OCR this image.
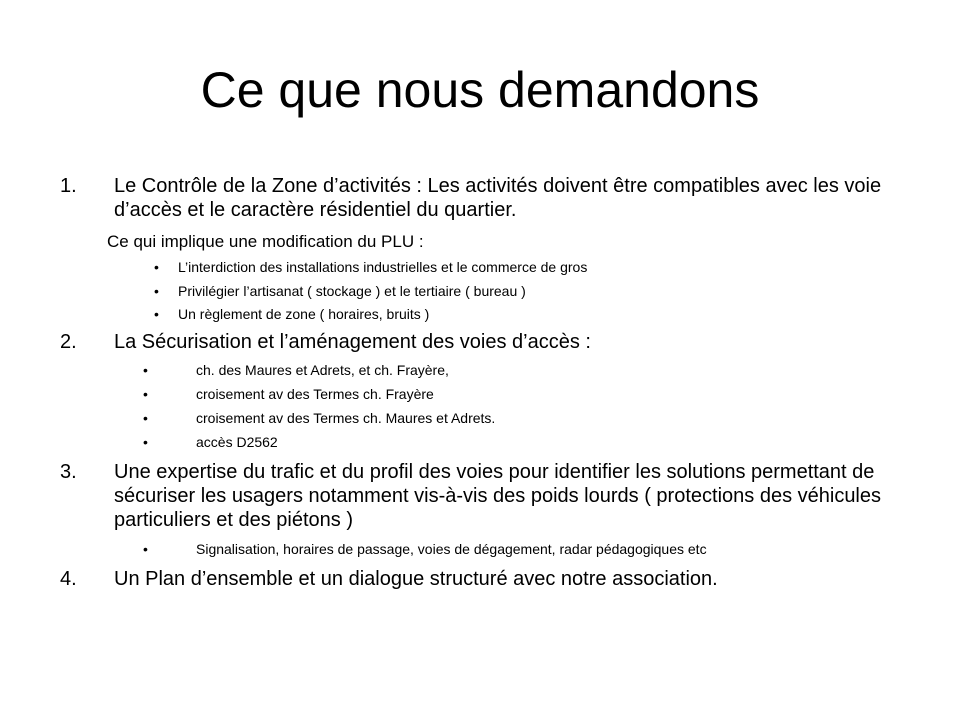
Ce que nous demandons
1. Le Contrôle de la Zone d’activités : Les activités doivent être compatibles avec les voie d’accès et le caractère résidentiel du quartier.
Ce qui implique une modification du PLU :
• L’interdiction des installations industrielles et le commerce de gros
• Privilégier l’artisanat ( stockage ) et le tertiaire ( bureau )
• Un règlement de zone ( horaires, bruits )
2. La Sécurisation et l’aménagement des voies d’accès :
•	ch. des Maures et Adrets, et ch. Frayère,
•	croisement av des Termes ch. Frayère
•	croisement av des Termes ch. Maures et Adrets.
•	accès D2562
3. Une expertise du trafic et du profil des voies pour identifier les solutions permettant de sécuriser les usagers notamment vis-à-vis des poids lourds ( protections des véhicules particuliers et des piétons )
•	Signalisation, horaires de passage, voies de dégagement, radar pédagogiques etc
4. Un Plan d’ensemble et un dialogue structuré avec notre association.
